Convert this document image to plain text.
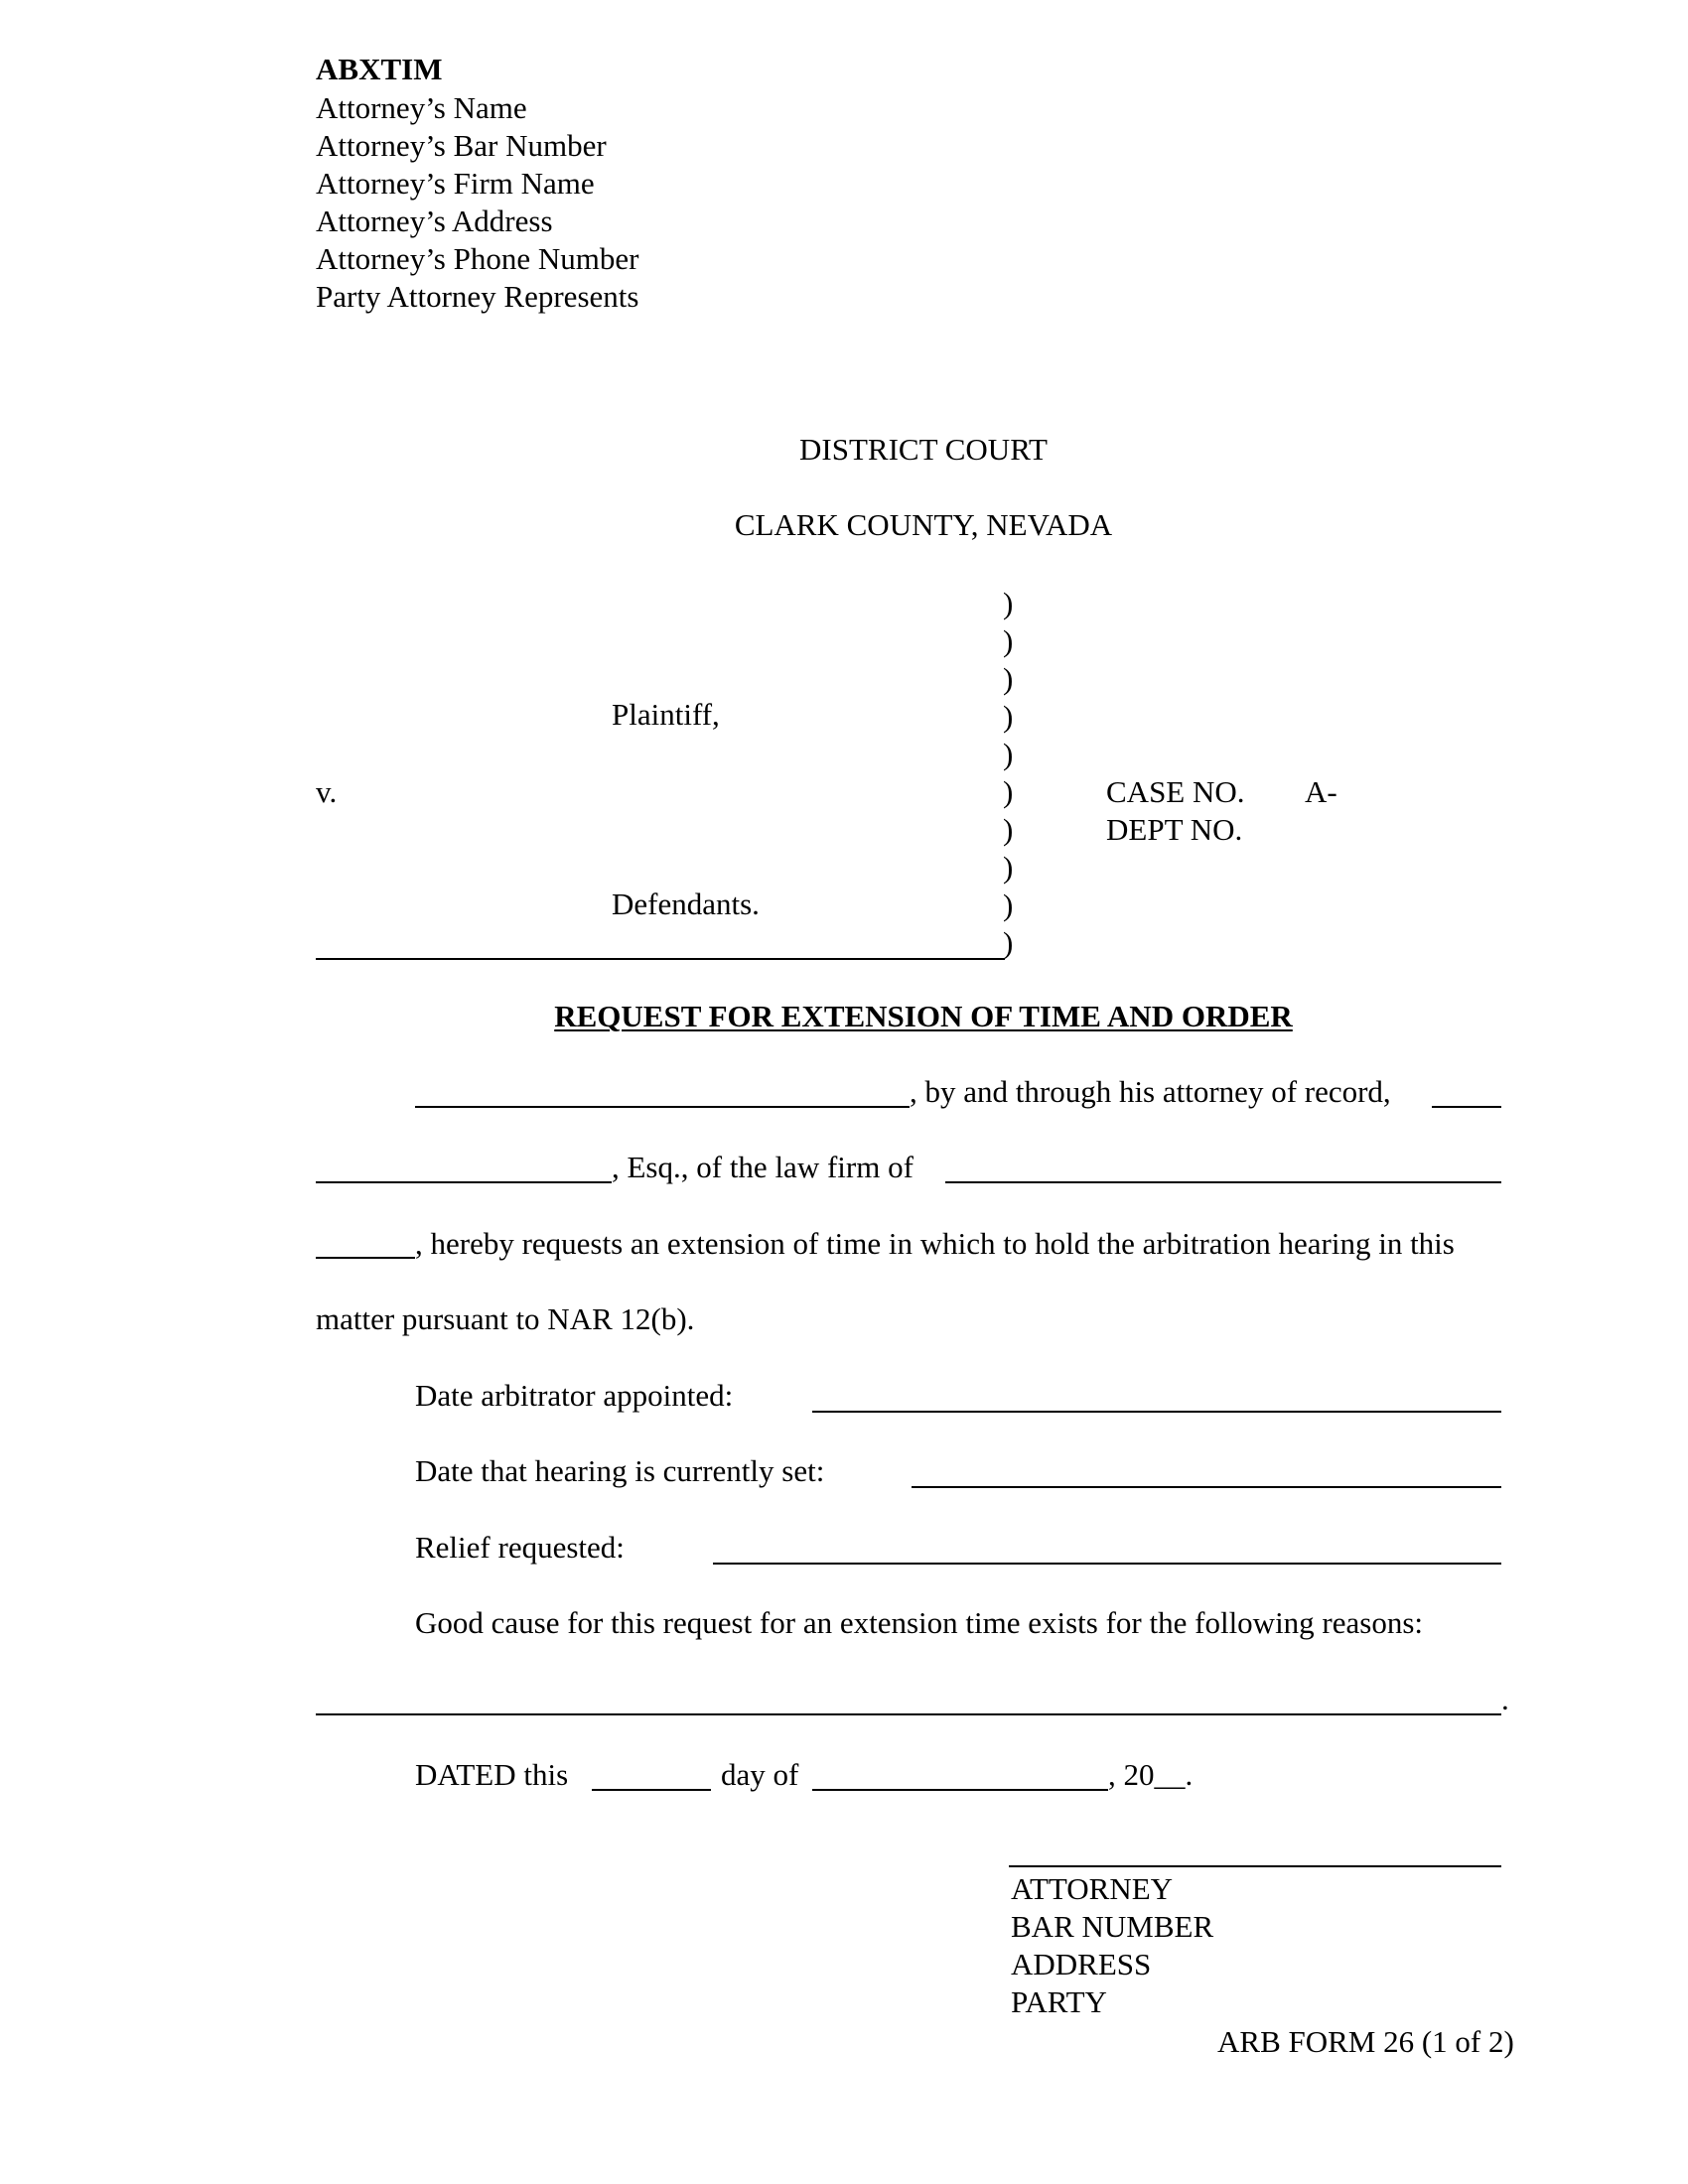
ABXTIM
Attorney’s Name
Attorney’s Bar Number
Attorney’s Firm Name
Attorney’s Address
Attorney’s Phone Number
Party Attorney Represents
DISTRICT COURT
CLARK COUNTY, NEVADA
Plaintiff,
v.
Defendants.
)
)
)
)
)
)
)
)
)
)
CASE NO. A-
DEPT NO.
REQUEST FOR EXTENSION OF TIME AND ORDER
, by and through his attorney of record,
, Esq., of the law firm of
, hereby requests an extension of time in which to hold the arbitration hearing in this
matter pursuant to NAR 12(b).
Date arbitrator appointed:
Date that hearing is currently set:
Relief requested:
Good cause for this request for an extension time exists for the following reasons:
.
DATED this	day of	, 20__.
ATTORNEY
BAR NUMBER
ADDRESS
PARTY
ARB FORM 26 (1 of 2)
